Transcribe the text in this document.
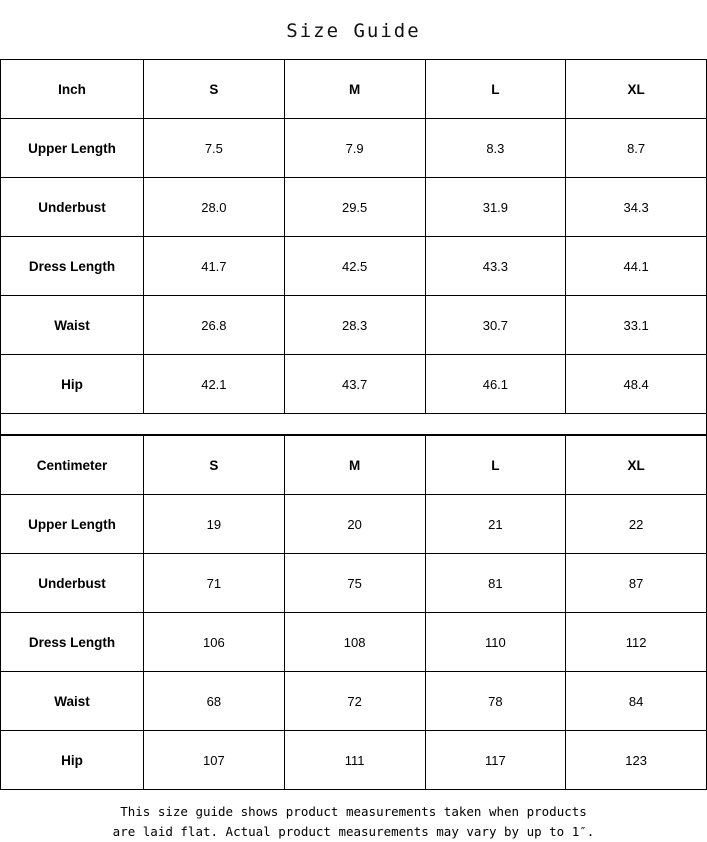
Size Guide
Inch	S	M	L	XL
Upper Length	7.5	7.9	8.3	8.7
Underbust	28.0	29.5	31.9	34.3
Dress Length	41.7	42.5	43.3	44.1
Waist	26.8	28.3	30.7	33.1
Hip	42.1	43.7	46.1	48.4
Centimeter	S	M	L	XL
Upper Length	19	20	21	22
Underbust	71	75	81	87
Dress Length	106	108	110	112
Waist	68	72	78	84
Hip	107	111	117	123
This size guide shows product measurements taken when products
are laid flat. Actual product measurements may vary by up to 1″.
